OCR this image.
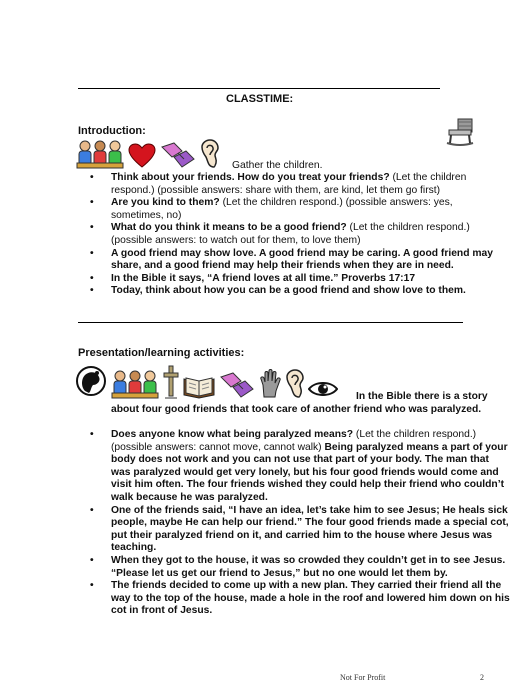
CLASSTIME:
Introduction:
Gather the children.
• Think about your friends. How do you treat your friends? (Let the children respond.) (possible answers: share with them, are kind, let them go first)
• Are you kind to them? (Let the children respond.) (possible answers: yes, sometimes, no)
• What do you think it means to be a good friend? (Let the children respond.) (possible answers: to watch out for them, to love them)
• A good friend may show love. A good friend may be caring. A good friend may share, and a good friend may help their friends when they are in need.
• In the Bible it says, “A friend loves at all time.” Proverbs 17:17
• Today, think about how you can be a good friend and show love to them.
Presentation/learning activities:
In the Bible there is a story about four good friends that took care of another friend who was paralyzed.
• Does anyone know what being paralyzed means? (Let the children respond.) (possible answers: cannot move, cannot walk) Being paralyzed means a part of your body does not work and you can not use that part of your body. The man that was paralyzed would get very lonely, but his four good friends would come and visit him often. The four friends wished they could help their friend who couldn’t walk because he was paralyzed.
• One of the friends said, “I have an idea, let’s take him to see Jesus; He heals sick people, maybe He can help our friend.” The four good friends made a special cot, put their paralyzed friend on it, and carried him to the house where Jesus was teaching.
• When they got to the house, it was so crowded they couldn’t get in to see Jesus. “Please let us get our friend to Jesus,” but no one would let them by.
• The friends decided to come up with a new plan. They carried their friend all the way to the top of the house, made a hole in the roof and lowered him down on his cot in front of Jesus.
Not For Profit	2
